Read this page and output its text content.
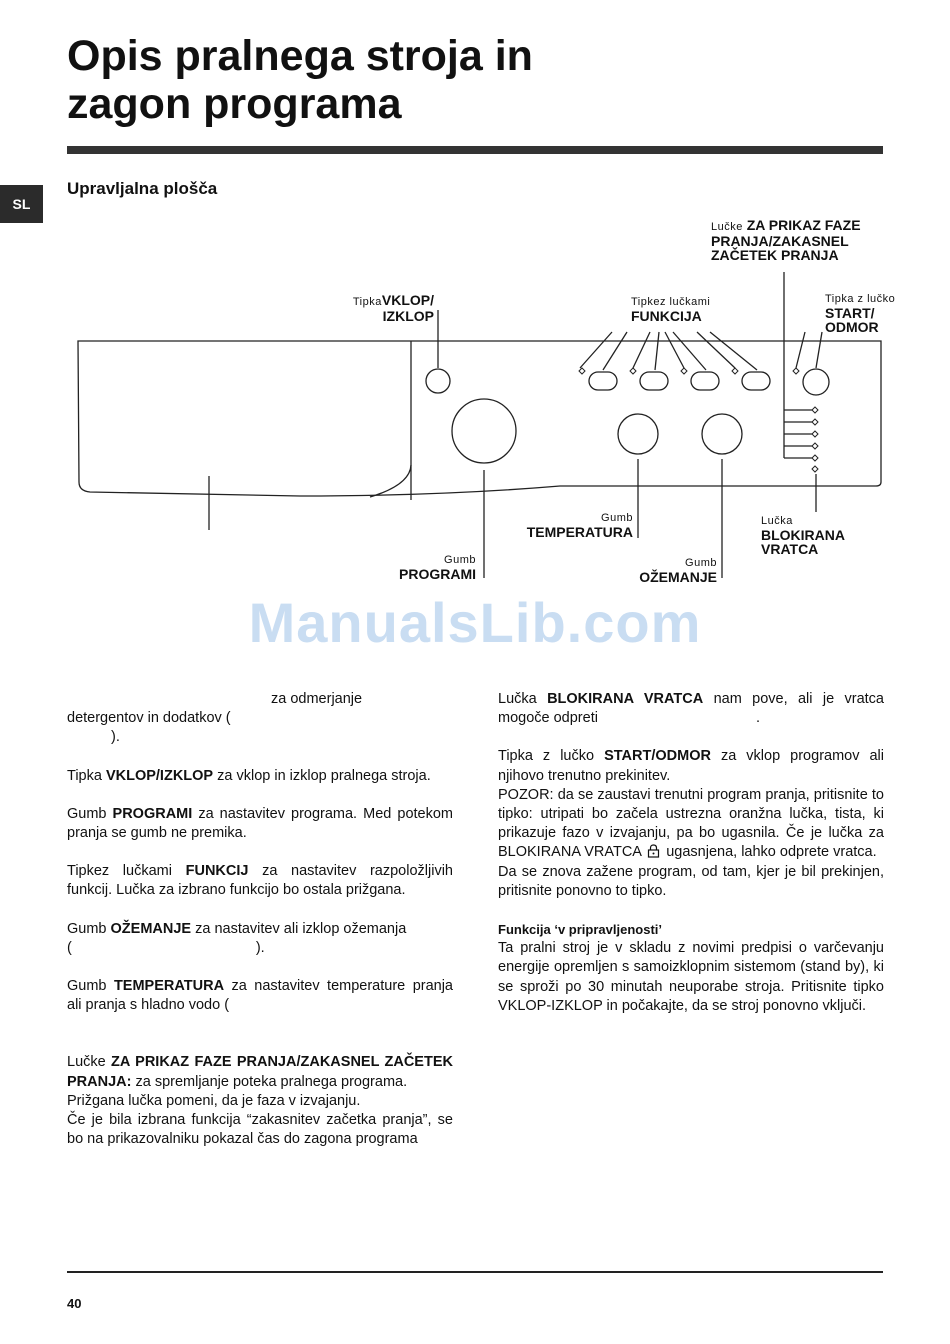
Opis pralnega stroja in
zagon programa
SL
Upravljalna plošča
TipkaVKLOP/
IZKLOP
Tipkez lučkami
FUNKCIJA
Lučke ZA PRIKAZ FAZE
PRANJA/ZAKASNEL
ZAČETEK PRANJA
Tipka z lučko
START/
ODMOR
Gumb
TEMPERATURA
Gumb
PROGRAMI
Gumb
OŽEMANJE
Lučka
BLOKIRANA
VRATCA
ManualsLib.com

za odmerjanje
detergentov in dodatkov (
).

Tipka VKLOP/IZKLOP za vklop in izklop pralnega stroja.

Gumb PROGRAMI za nastavitev programa. Med potekom pranja se gumb ne premika.

Tipkez lučkami FUNKCIJ za nastavitev razpoložljivih funkcij. Lučka za izbrano funkcijo bo ostala prižgana.

Gumb OŽEMANJE za nastavitev ali izklop ožemanja
(	).

Gumb TEMPERATURA za nastavitev temperature pranja ali pranja s hladno vodo (

Lučke ZA PRIKAZ FAZE PRANJA/ZAKASNEL ZAČETEK PRANJA: za spremljanje poteka pralnega programa.
Prižgana lučka pomeni, da je faza v izvajanju.
Če je bila izbrana funkcija “zakasnitev začetka pranja”, se bo na prikazovalniku pokazal čas do zagona programa

Lučka BLOKIRANA VRATCA nam pove, ali je vratca mogoče odpreti	.

Tipka z lučko START/ODMOR za vklop programov ali njihovo trenutno prekinitev.
POZOR: da se zaustavi trenutni program pranja, pritisnite to tipko: utripati bo začela ustrezna oranžna lučka, tista, ki prikazuje fazo v izvajanju, pa bo ugasnila. Če je lučka za BLOKIRANA VRATCA ugasnjena, lahko odprete vratca.
Da se znova zažene program, od tam, kjer je bil prekinjen, pritisnite ponovno to tipko.

Funkcija ‘v pripravljenosti’

Ta pralni stroj je v skladu z novimi predpisi o varčevanju energije opremljen s samoizklopnim sistemom (stand by), ki se sproži po 30 minutah neuporabe stroja. Pritisnite tipko VKLOP-IZKLOP in počakajte, da se stroj ponovno vključi.

40
